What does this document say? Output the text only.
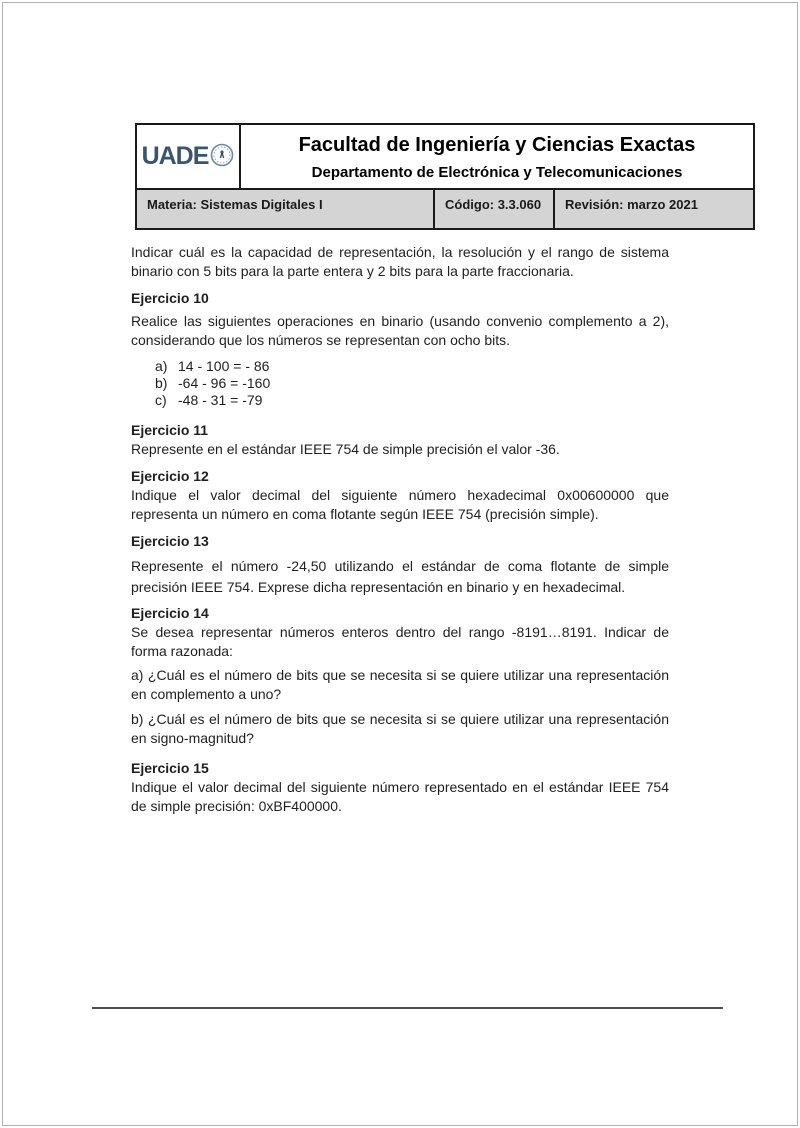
UADE	Facultad de Ingeniería y Ciencias Exactas
Departamento de Electrónica y Telecomunicaciones
Materia: Sistemas Digitales I	Código: 3.3.060	Revisión: marzo 2021

Indicar cuál es la capacidad de representación, la resolución y el rango de sistema binario con 5 bits para la parte entera y 2 bits para la parte fraccionaria.

Ejercicio 10

Realice las siguientes operaciones en binario (usando convenio complemento a 2), considerando que los números se representan con ocho bits.

a) 14 - 100 = - 86
b) -64 - 96 = -160
c) -48 - 31 = -79

Ejercicio 11

Represente en el estándar IEEE 754 de simple precisión el valor -36.

Ejercicio 12

Indique el valor decimal del siguiente número hexadecimal 0x00600000 que representa un número en coma flotante según IEEE 754 (precisión simple).

Ejercicio 13

Represente el número -24,50 utilizando el estándar de coma flotante de simple precisión IEEE 754. Exprese dicha representación en binario y en hexadecimal.

Ejercicio 14

Se desea representar números enteros dentro del rango -8191…8191. Indicar de forma razonada:

a) ¿Cuál es el número de bits que se necesita si se quiere utilizar una representación en complemento a uno?

b) ¿Cuál es el número de bits que se necesita si se quiere utilizar una representación en signo-magnitud?

Ejercicio 15

Indique el valor decimal del siguiente número representado en el estándar IEEE 754 de simple precisión: 0xBF400000.
